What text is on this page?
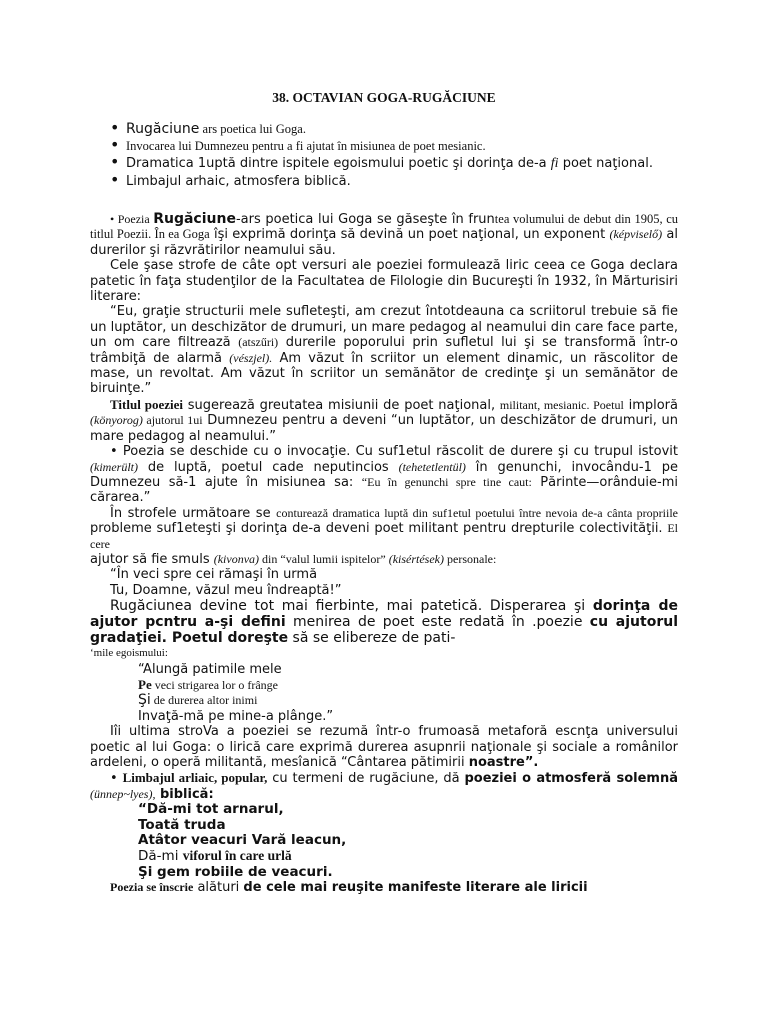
38. OCTAVIAN GOGA-RUGĂCIUNE
• Rugăciune ars poetica lui Goga.
• Invocarea lui Dumnezeu pentru a fi ajutat în misiunea de poet mesianic.
• Dramatica 1uptă dintre ispitele egoismului poetic şi dorinţa de-a fi poet naţional.
• Limbajul arhaic, atmosfera biblică.

• Poezia Rugăciune-ars poetica lui Goga se găseşte în fruntea volumului de debut din 1905, cu titlul Poezii. În ea Goga îşi exprimă dorinţa să devină un poet naţional, un exponent (képviselő) al durerilor şi răzvrătirilor neamului său.

Cele şase strofe de câte opt versuri ale poeziei formulează liric ceea ce Goga declara patetic în faţa studenţilor de la Facultatea de Filologie din Bucureşti în 1932, în Mărturisiri literare:

“Eu, graţie structurii mele sufleteşti, am crezut întotdeauna ca scriitorul trebuie să fie un luptător, un deschizător de drumuri, un mare pedagog al neamului din care face parte, un om care filtrează (atszűri) durerile poporului prin sufletul lui şi se transformă într-o trâmbiţă de alarmă (vészjel). Am văzut în scriitor un element dinamic, un răscolitor de mase, un revoltat. Am văzut în scriitor un semănător de credinţe şi un semănător de biruinţe.”

Titlul poeziei sugerează greutatea misiunii de poet naţional, militant, mesianic. Poetul imploră (könyorog) ajutorul 1ui Dumnezeu pentru a deveni “un luptător, un deschizător de drumuri, un mare pedagog al neamului.”

• Poezia se deschide cu o invocaţie. Cu suf1etul răscolit de durere şi cu trupul istovit (kimerült) de luptă, poetul cade neputincios (tehetetlentül) în genunchi, invocându-1 pe Dumnezeu să-1 ajute în misiunea sa: “Eu în genunchi spre tine caut: Părinte—orânduie-mi cărarea.”

În strofele următoare se conturează dramatica luptă din suf1etul poetului între nevoia de-a cânta propriile probleme suf1eteşti şi dorinţa de-a deveni poet militant pentru drepturile colectivităţii. El cere

ajutor să fie smuls (kivonva) din “valul lumii ispitelor” (kisértések) personale:

“În veci spre cei rămaşi în urmă

Tu, Doamne, văzul meu îndreaptă!”

Rugăciunea devine tot mai fierbinte, mai patetică. Disperarea şi dorinţa de ajutor pcntru a-şi defini menirea de poet este redată în .poezie cu ajutorul gradaţiei. Poetul doreşte să se elibereze de pati-

‘mile egoismului:

“Alungă patimile mele

Pe veci strigarea lor o frânge

Şi de durerea altor inimi

Invaţă-mă pe mine-a plânge.”

Iîi ultima stroVa a poeziei se rezumă într-o frumoasă metaforă escnţa universului poetic al lui Goga: o lirică care exprimă durerea asupnrii naţionale şi sociale a românilor ardeleni, o operă militantă, mesîanică “Cântarea pătimirii noastre”.

• Limbajul arliaic, popular, cu termeni de rugăciune, dă poeziei o atmosferă solemnă (ünnep~lyes), biblică:

“Dă-mi tot arnarul,

Toată truda

Atâtor veacuri Vară leacun,

Dă-mi viforul în care urlă

Şi gem robiile de veacuri.

Poezia se înscrie alături de cele mai reuşite manifeste literare ale liricii
